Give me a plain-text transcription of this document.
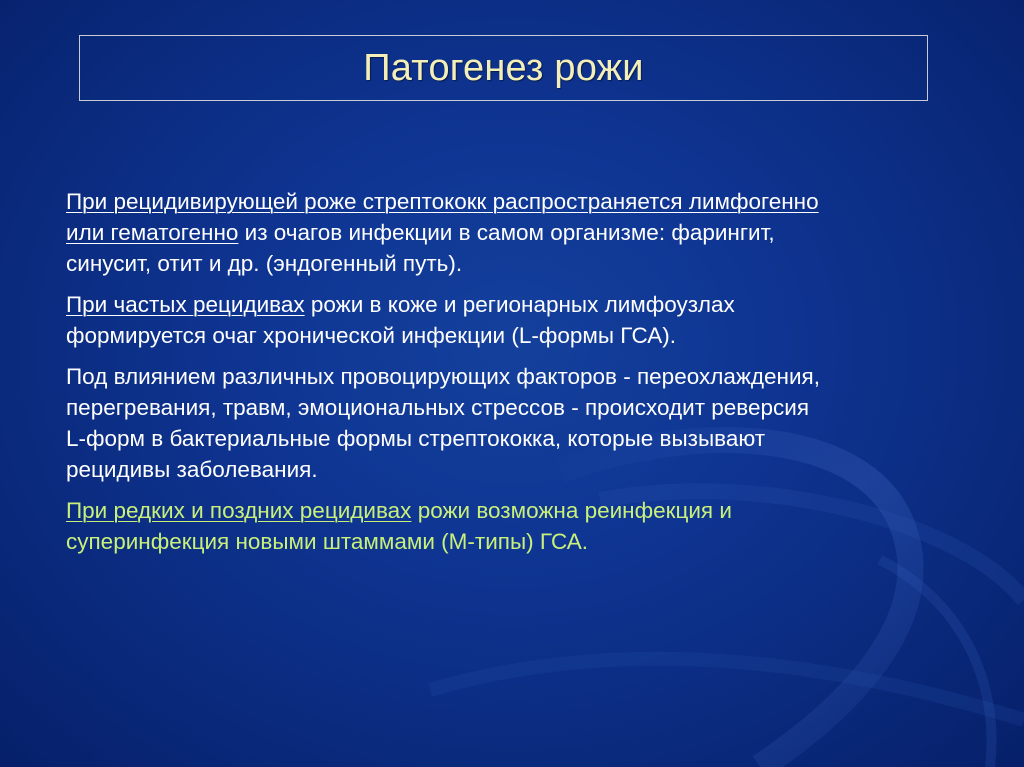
Патогенез рожи

При рецидивирующей роже стрептококк распространяется лимфогенно
или гематогенно из очагов инфекции в самом организме: фарингит,
синусит, отит и др. (эндогенный путь).

При частых рецидивах рожи в коже и регионарных лимфоузлах
формируется очаг хронической инфекции (L-формы ГСА).

Под влиянием различных провоцирующих факторов - переохлаждения,
перегревания, травм, эмоциональных стрессов - происходит реверсия
L-форм в бактериальные формы стрептококка, которые вызывают
рецидивы заболевания.

При редких и поздних рецидивах рожи возможна реинфекция и
суперинфекция новыми штаммами (М-типы) ГСА.
